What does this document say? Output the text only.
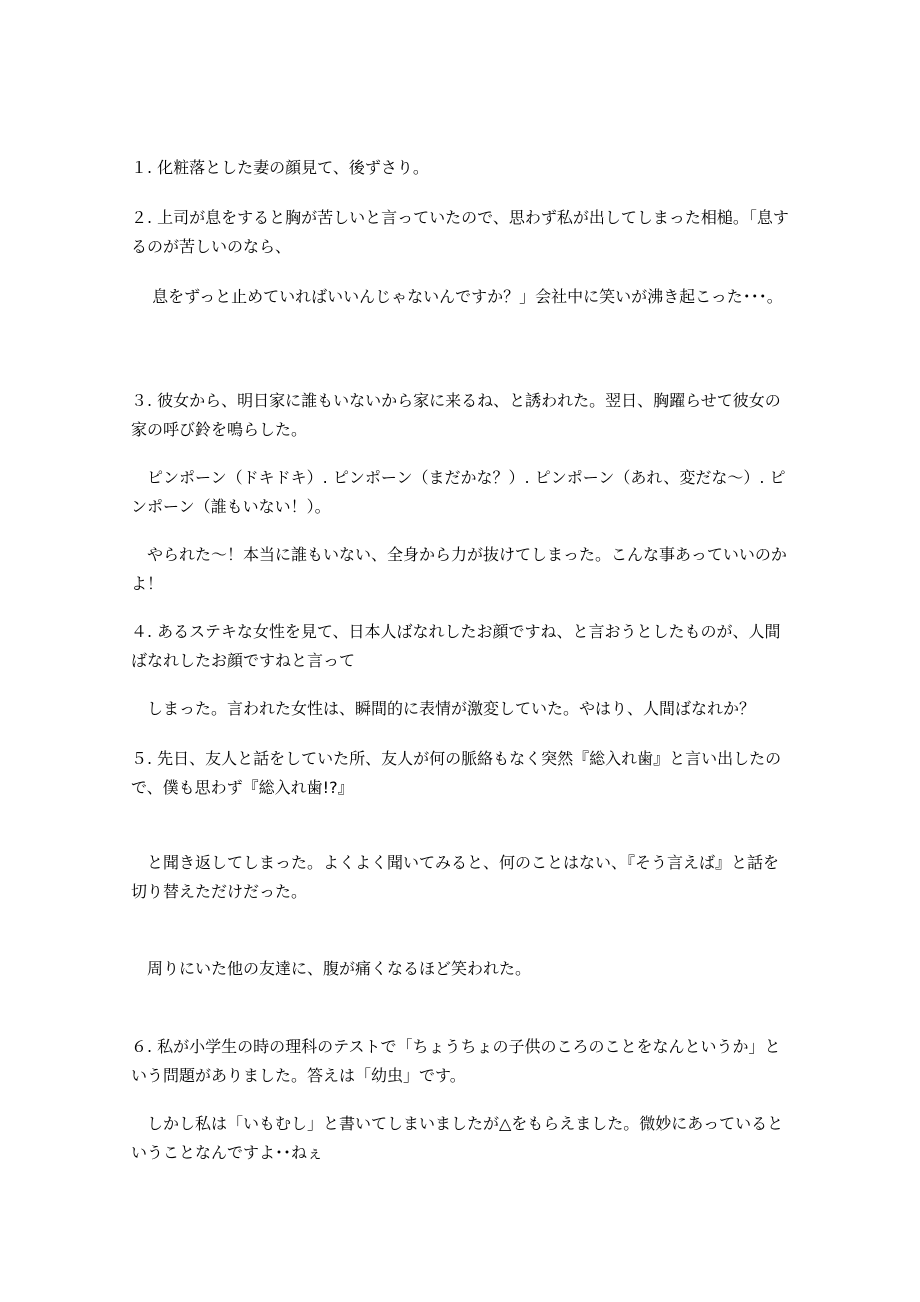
１. 化粧落とした妻の顔見て、後ずさり。

２. 上司が息をすると胸が苦しいと言っていたので、思わず私が出してしまった相槌。「息するのが苦しいのなら、

　 息をずっと止めていればいいんじゃないんですか？」会社中に笑いが沸き起こった･･･。

３. 彼女から、明日家に誰もいないから家に来るね、と誘われた。翌日、胸躍らせて彼女の家の呼び鈴を鳴らした。

　ピンポーン（ドキドキ）. ピンポーン（まだかな？）. ピンポーン（あれ、変だな～）. ピンポーン（誰もいない！）。

　やられた～！本当に誰もいない、全身から力が抜けてしまった。こんな事あっていいのかよ！

４. あるステキな女性を見て、日本人ばなれしたお顔ですね、と言おうとしたものが、人間ばなれしたお顔ですねと言って

　しまった。言われた女性は、瞬間的に表情が激変していた。やはり、人間ばなれか？

５. 先日、友人と話をしていた所、友人が何の脈絡もなく突然『総入れ歯』と言い出したので、僕も思わず『総入れ歯!?』

　と聞き返してしまった。よくよく聞いてみると、何のことはない、『そう言えば』と話を切り替えただけだった。

　周りにいた他の友達に、腹が痛くなるほど笑われた。

６. 私が小学生の時の理科のテストで「ちょうちょの子供のころのことをなんというか」という問題がありました。答えは「幼虫」です。

　しかし私は「いもむし」と書いてしまいましたが△をもらえました。微妙にあっているということなんですよ･･ねぇ
